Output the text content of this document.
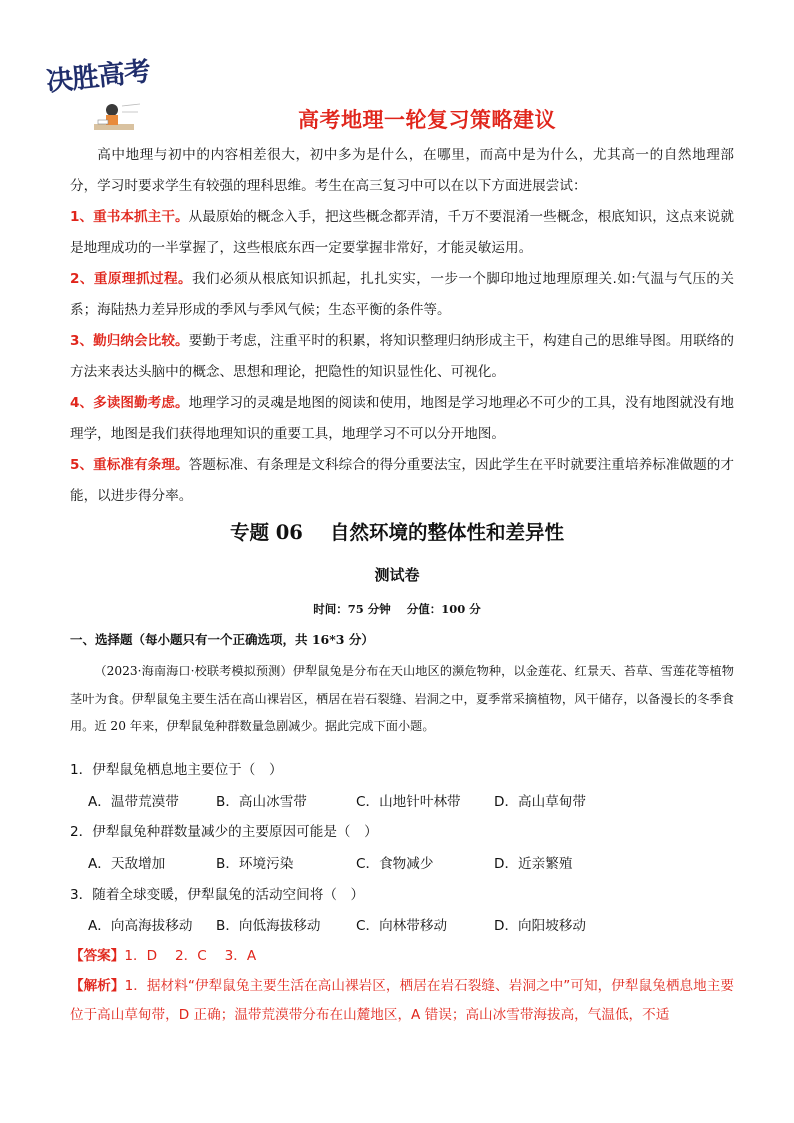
决胜高考
高考地理一轮复习策略建议

高中地理与初中的内容相差很大，初中多为是什么，在哪里，而高中是为什么，尤其高一的自然地理部分，学习时要求学生有较强的理科思维。考生在高三复习中可以在以下方面进展尝试：

1、重书本抓主干。从最原始的概念入手，把这些概念都弄清，千万不要混淆一些概念，根底知识，这点来说就是地理成功的一半掌握了，这些根底东西一定要掌握非常好，才能灵敏运用。

2、重原理抓过程。我们必须从根底知识抓起，扎扎实实，一步一个脚印地过地理原理关.如:气温与气压的关系；海陆热力差异形成的季风与季风气候；生态平衡的条件等。

3、勤归纳会比较。要勤于考虑，注重平时的积累，将知识整理归纳形成主干，构建自己的思维导图。用联络的方法来表达头脑中的概念、思想和理论，把隐性的知识显性化、可视化。

4、多读图勤考虑。地理学习的灵魂是地图的阅读和使用，地图是学习地理必不可少的工具，没有地图就没有地理学，地图是我们获得地理知识的重要工具，地理学习不可以分开地图。

5、重标准有条理。答题标准、有条理是文科综合的得分重要法宝，因此学生在平时就要注重培养标准做题的才能，以进步得分率。

专题 06    自然环境的整体性和差异性
测试卷
时间：75 分钟    分值：100 分
一、选择题（每小题只有一个正确选项，共 16*3 分）

（2023·海南海口·校联考模拟预测）伊犁鼠兔是分布在天山地区的濒危物种，以金莲花、红景天、苔草、雪莲花等植物茎叶为食。伊犁鼠兔主要生活在高山裸岩区，栖居在岩石裂缝、岩洞之中，夏季常采摘植物，风干储存，以备漫长的冬季食用。近 20 年来，伊犁鼠兔种群数量急剧减少。据此完成下面小题。

1．伊犁鼠兔栖息地主要位于（　）

A．温带荒漠带	B．高山冰雪带	C．山地针叶林带 D．高山草甸带

2．伊犁鼠兔种群数量减少的主要原因可能是（　）

A．天敌增加	B．环境污染	C．食物减少	D．近亲繁殖

3．随着全球变暖，伊犁鼠兔的活动空间将（　）

A．向高海拔移动 B．向低海拔移动	C．向林带移动	D．向阳坡移动
【答案】1．D　 2．C　 3．A

【解析】1．据材料“伊犁鼠兔主要生活在高山裸岩区，栖居在岩石裂缝、岩洞之中”可知，伊犁鼠兔栖息地主要位于高山草甸带，D 正确；温带荒漠带分布在山麓地区，A 错误；高山冰雪带海拔高，气温低，不适
